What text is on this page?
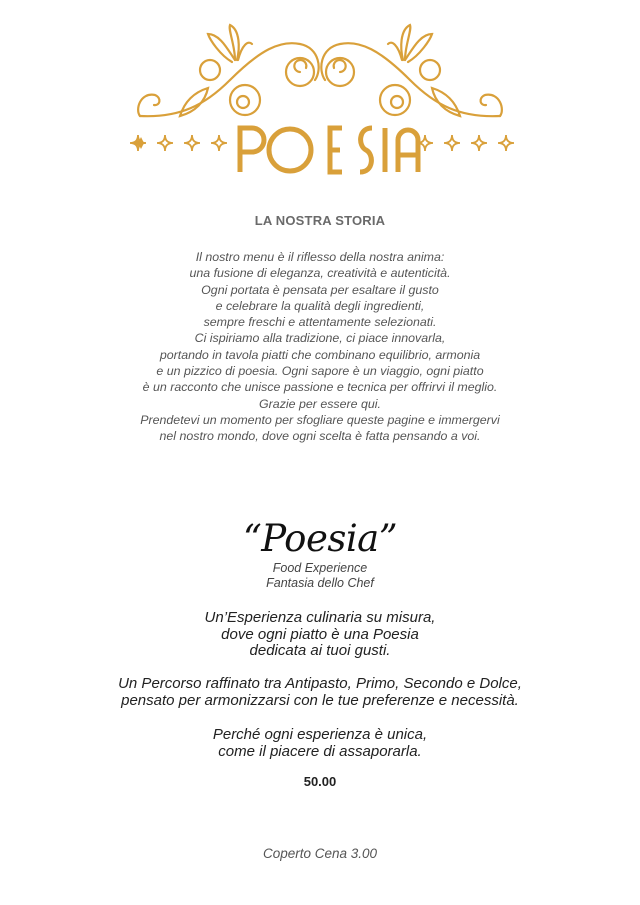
LA NOSTRA STORIA
Il nostro menu è il riflesso della nostra anima:
una fusione di eleganza, creatività e autenticità.
Ogni portata è pensata per esaltare il gusto
e celebrare la qualità degli ingredienti,
sempre freschi e attentamente selezionati.
Ci ispiriamo alla tradizione, ci piace innovarla,
portando in tavola piatti che combinano equilibrio, armonia
e un pizzico di poesia. Ogni sapore è un viaggio, ogni piatto
è un racconto che unisce passione e tecnica per offrirvi il meglio.
Grazie per essere qui.
Prendetevi un momento per sfogliare queste pagine e immergervi
nel nostro mondo, dove ogni scelta è fatta pensando a voi.
“Poesia”
Food Experience
Fantasia dello Chef
Un’Esperienza culinaria su misura,
dove ogni piatto è una Poesia
dedicata ai tuoi gusti.
Un Percorso raffinato tra Antipasto, Primo, Secondo e Dolce,
pensato per armonizzarsi con le tue preferenze e necessità.
Perché ogni esperienza è unica,
come il piacere di assaporarla.
50.00
Coperto Cena 3.00
